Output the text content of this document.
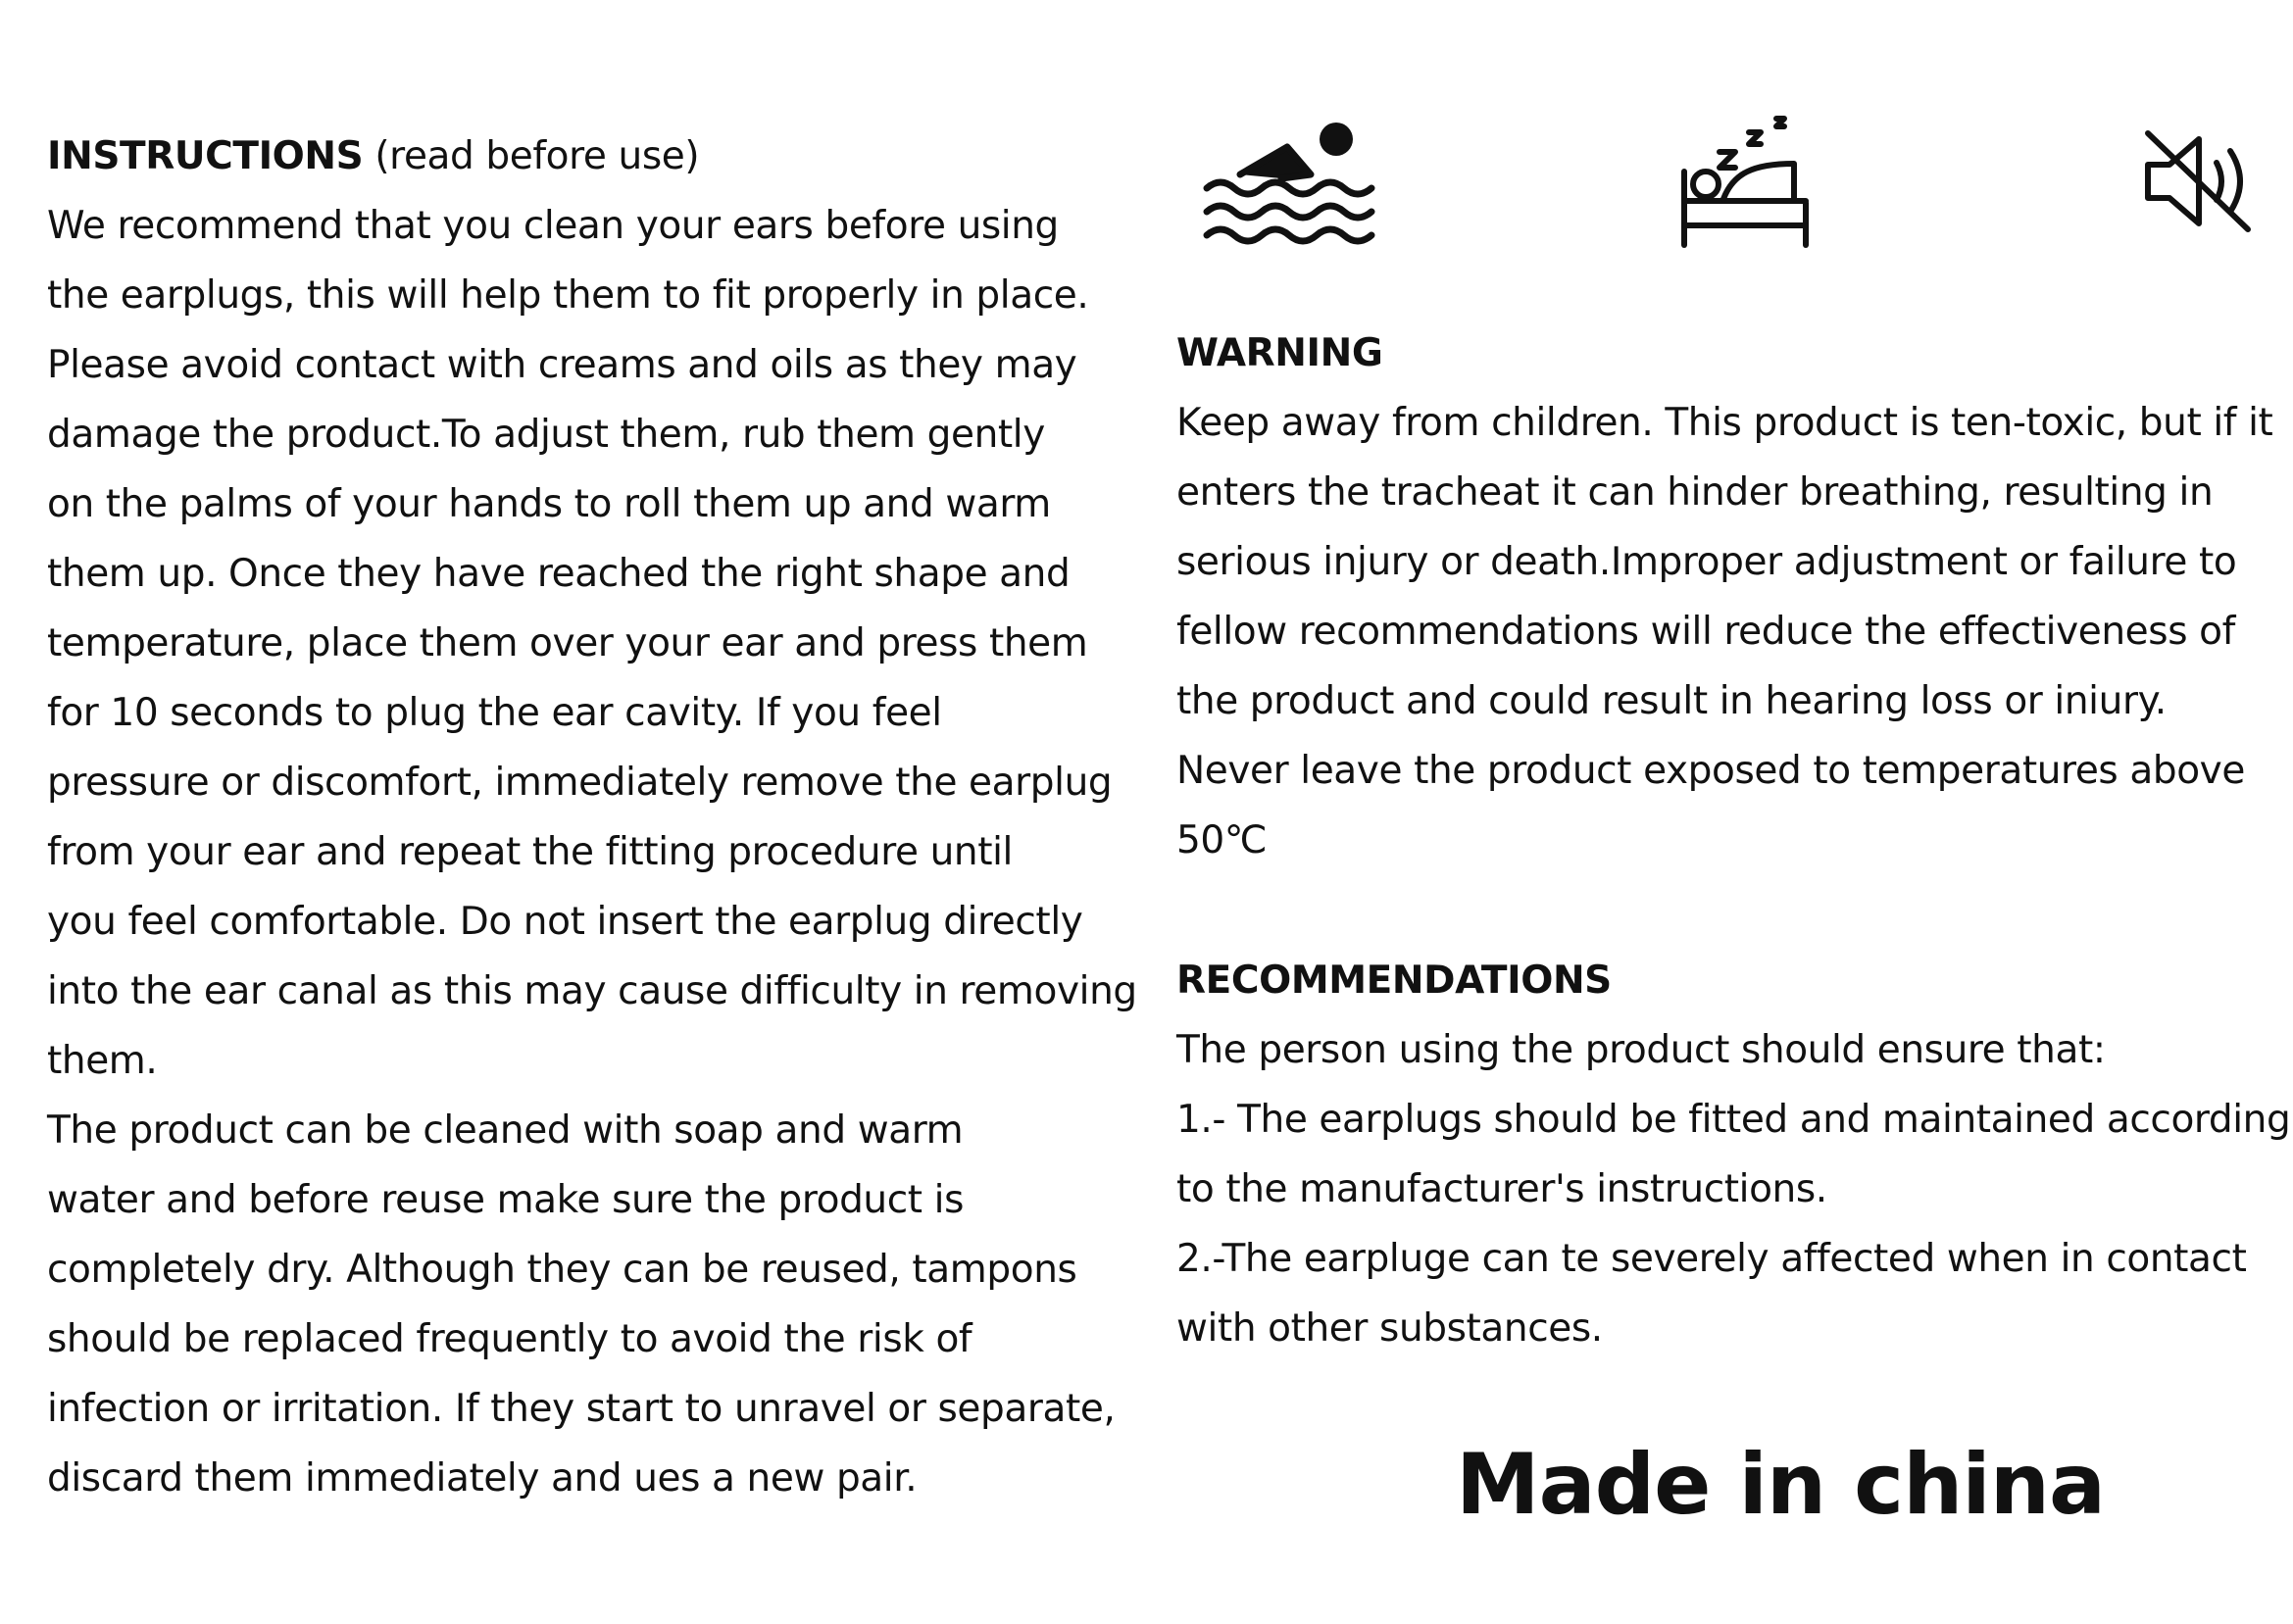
INSTRUCTIONS (read before use)
We recommend that you clean your ears before using
the earplugs, this will help them to fit properly in place.
Please avoid contact with creams and oils as they may
damage the product.To adjust them, rub them gently
on the palms of your hands to roll them up and warm
them up. Once they have reached the right shape and
temperature, place them over your ear and press them
for 10 seconds to plug the ear cavity. If you feel
pressure or discomfort, immediately remove the earplug
from your ear and repeat the fitting procedure until
you feel comfortable. Do not insert the earplug directly
into the ear canal as this may cause difficulty in removing
them.
The product can be cleaned with soap and warm
water and before reuse make sure the product is
completely dry. Although they can be reused, tampons
should be replaced frequently to avoid the risk of
infection or irritation. If they start to unravel or separate,
discard them immediately and ues a new pair.
WARNING
Keep away from children. This product is ten-toxic, but if it
enters the tracheat it can hinder breathing, resulting in
serious injury or death.Improper adjustment or failure to
fellow recommendations will reduce the effectiveness of
the product and could result in hearing loss or iniury.
Never leave the product exposed to temperatures above
50℃
RECOMMENDATIONS
The person using the product should ensure that:
1.- The earplugs should be fitted and maintained according
to the manufacturer's instructions.
2.-The earpluge can te severely affected when in contact
with other substances.
Made in china
